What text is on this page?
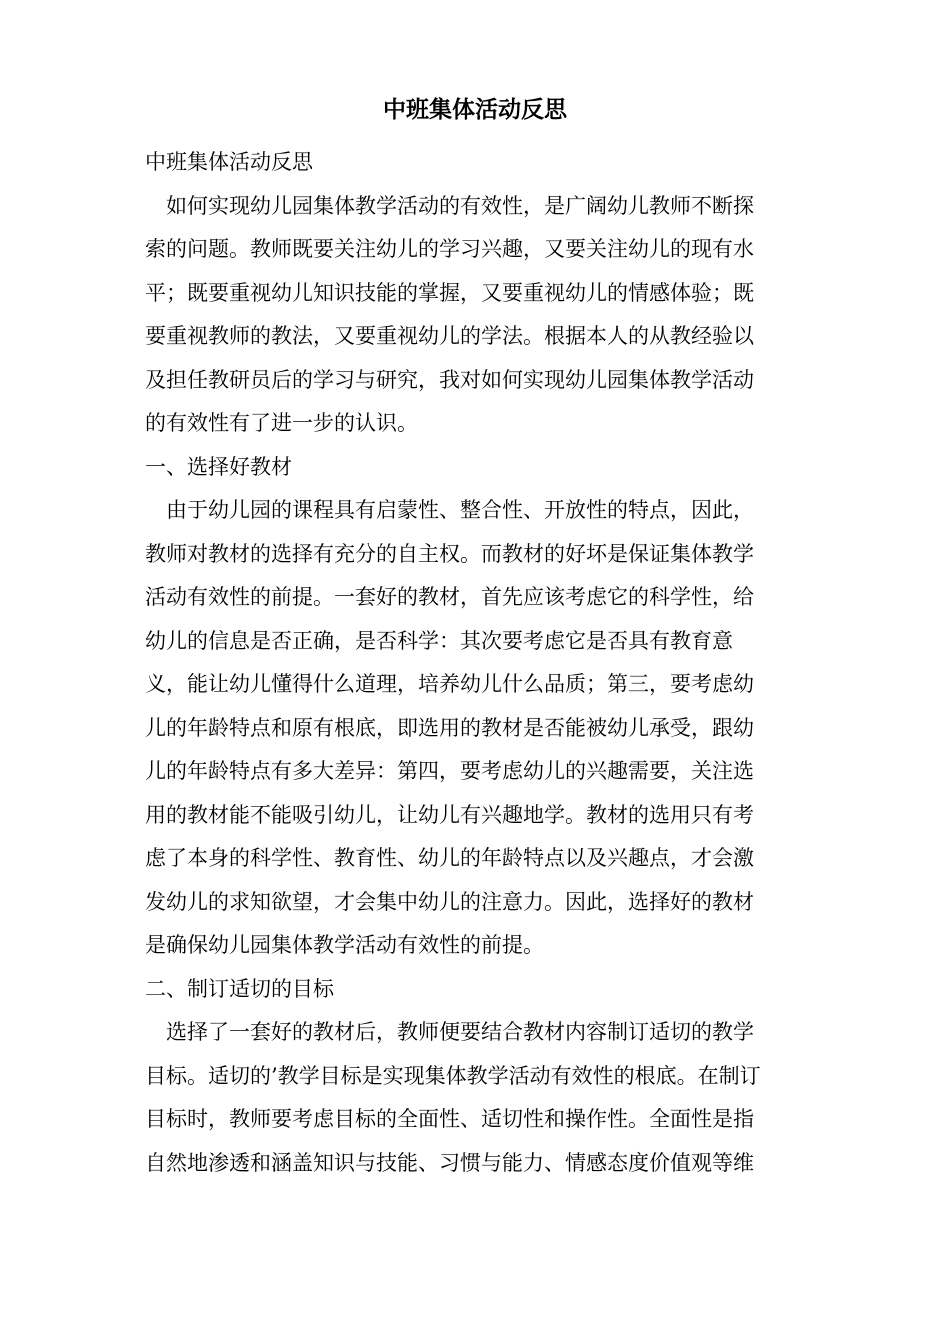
中班集体活动反思
中班集体活动反思
如何实现幼儿园集体教学活动的有效性，是广阔幼儿教师不断探
索的问题。教师既要关注幼儿的学习兴趣，又要关注幼儿的现有水
平；既要重视幼儿知识技能的掌握，又要重视幼儿的情感体验；既
要重视教师的教法，又要重视幼儿的学法。根据本人的从教经验以
及担任教研员后的学习与研究，我对如何实现幼儿园集体教学活动
的有效性有了进一步的认识。
一、选择好教材
由于幼儿园的课程具有启蒙性、整合性、开放性的特点，因此，
教师对教材的选择有充分的自主权。而教材的好坏是保证集体教学
活动有效性的前提。一套好的教材，首先应该考虑它的科学性，给
幼儿的信息是否正确，是否科学：其次要考虑它是否具有教育意
义，能让幼儿懂得什么道理，培养幼儿什么品质；第三，要考虑幼
儿的年龄特点和原有根底，即选用的教材是否能被幼儿承受，跟幼
儿的年龄特点有多大差异：第四，要考虑幼儿的兴趣需要，关注选
用的教材能不能吸引幼儿，让幼儿有兴趣地学。教材的选用只有考
虑了本身的科学性、教育性、幼儿的年龄特点以及兴趣点，才会激
发幼儿的求知欲望，才会集中幼儿的注意力。因此，选择好的教材
是确保幼儿园集体教学活动有效性的前提。
二、制订适切的目标
选择了一套好的教材后，教师便要结合教材内容制订适切的教学
目标。适切的’教学目标是实现集体教学活动有效性的根底。在制订
目标时，教师要考虑目标的全面性、适切性和操作性。全面性是指
自然地渗透和涵盖知识与技能、习惯与能力、情感态度价值观等维
